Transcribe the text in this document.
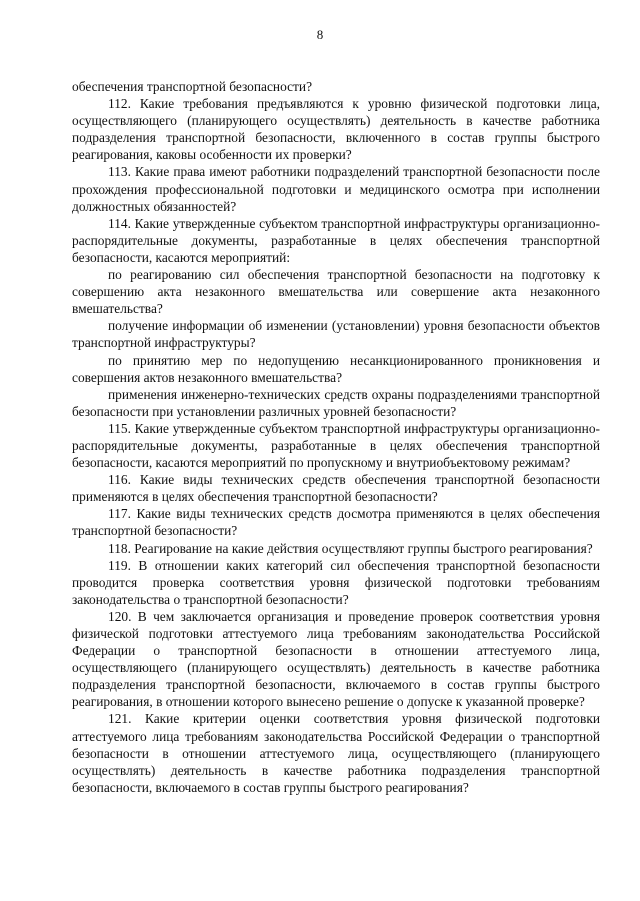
8

обеспечения транспортной безопасности?

112. Какие требования предъявляются к уровню физической подготовки лица, осуществляющего (планирующего осуществлять) деятельность в качестве работника подразделения транспортной безопасности, включенного в состав группы быстрого реагирования, каковы особенности их проверки?

113. Какие права имеют работники подразделений транспортной безопасности после прохождения профессиональной подготовки и медицинского осмотра при исполнении должностных обязанностей?

114. Какие утвержденные субъектом транспортной инфраструктуры организационно-распорядительные документы, разработанные в целях обеспечения транспортной безопасности, касаются мероприятий:

по реагированию сил обеспечения транспортной безопасности на подготовку к совершению акта незаконного вмешательства или совершение акта незаконного вмешательства?

получение информации об изменении (установлении) уровня безопасности объектов транспортной инфраструктуры?

по принятию мер по недопущению несанкционированного проникновения и совершения актов незаконного вмешательства?

применения инженерно-технических средств охраны подразделениями транспортной безопасности при установлении различных уровней безопасности?

115. Какие утвержденные субъектом транспортной инфраструктуры организационно-распорядительные документы, разработанные в целях обеспечения транспортной безопасности, касаются мероприятий по пропускному и внутриобъектовому режимам?

116. Какие виды технических средств обеспечения транспортной безопасности применяются в целях обеспечения транспортной безопасности?

117. Какие виды технических средств досмотра применяются в целях обеспечения транспортной безопасности?

118. Реагирование на какие действия осуществляют группы быстрого реагирования?

119. В отношении каких категорий сил обеспечения транспортной безопасности проводится проверка соответствия уровня физической подготовки требованиям законодательства о транспортной безопасности?

120. В чем заключается организация и проведение проверок соответствия уровня физической подготовки аттестуемого лица требованиям законодательства Российской Федерации о транспортной безопасности в отношении аттестуемого лица, осуществляющего (планирующего осуществлять) деятельность в качестве работника подразделения транспортной безопасности, включаемого в состав группы быстрого реагирования, в отношении которого вынесено решение о допуске к указанной проверке?

121. Какие критерии оценки соответствия уровня физической подготовки аттестуемого лица требованиям законодательства Российской Федерации о транспортной безопасности в отношении аттестуемого лица, осуществляющего (планирующего осуществлять) деятельность в качестве работника подразделения транспортной безопасности, включаемого в состав группы быстрого реагирования?
